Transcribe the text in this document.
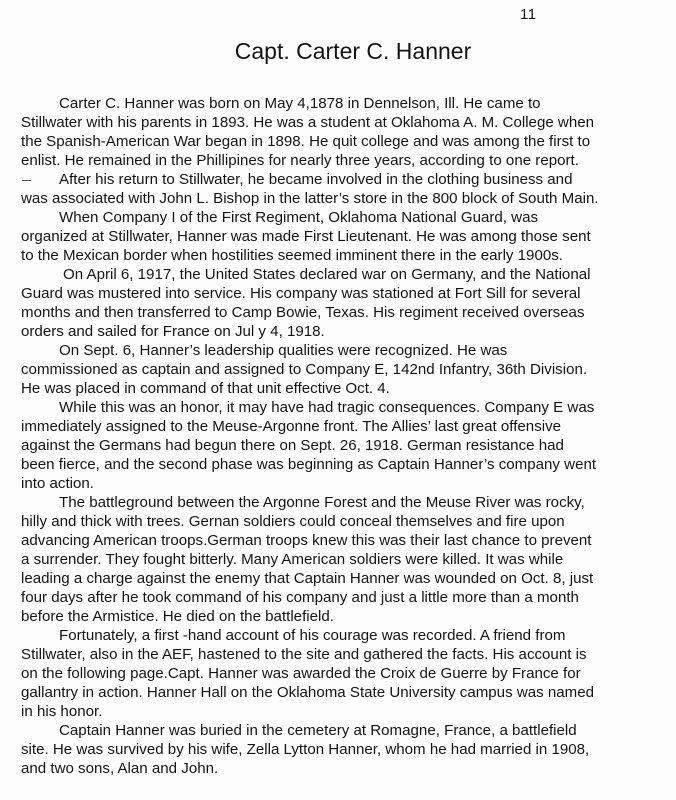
11
Capt. Carter C. Hanner

Carter C. Hanner was born on May 4,1878 in Dennelson, Ill. He came to
Stillwater with his parents in 1893. He was a student at Oklahoma A. M. College when
the Spanish-American War began in 1898. He quit college and was among the first to
enlist. He remained in the Phillipines for nearly three years, according to one report.

After his return to Stillwater, he became involved in the clothing business and
was associated with John L. Bishop in the latter’s store in the 800 block of South Main.

When Company I of the First Regiment, Oklahoma National Guard, was
organized at Stillwater, Hanner was made First Lieutenant. He was among those sent
to the Mexican border when hostilities seemed imminent there in the early 1900s.

On April 6, 1917, the United States declared war on Germany, and the National
Guard was mustered into service. His company was stationed at Fort Sill for several
months and then transferred to Camp Bowie, Texas. His regiment received overseas
orders and sailed for France on Jul y 4, 1918.

On Sept. 6, Hanner’s leadership qualities were recognized. He was
commissioned as captain and assigned to Company E, 142nd Infantry, 36th Division.
He was placed in command of that unit effective Oct. 4.

While this was an honor, it may have had tragic consequences. Company E was
immediately assigned to the Meuse-Argonne front. The Allies’ last great offensive
against the Germans had begun there on Sept. 26, 1918. German resistance had
been fierce, and the second phase was beginning as Captain Hanner’s company went
into action.

The battleground between the Argonne Forest and the Meuse River was rocky,
hilly and thick with trees. Gernan soldiers could conceal themselves and fire upon
advancing American troops.German troops knew this was their last chance to prevent
a surrender. They fought bitterly. Many American soldiers were killed. It was while
leading a charge against the enemy that Captain Hanner was wounded on Oct. 8, just
four days after he took command of his company and just a little more than a month
before the Armistice. He died on the battlefield.

Fortunately, a first -hand account of his courage was recorded. A friend from
Stillwater, also in the AEF, hastened to the site and gathered the facts. His account is
on the following page.Capt. Hanner was awarded the Croix de Guerre by France for
gallantry in action. Hanner Hall on the Oklahoma State University campus was named
in his honor.

Captain Hanner was buried in the cemetery at Romagne, France, a battlefield
site. He was survived by his wife, Zella Lytton Hanner, whom he had married in 1908,
and two sons, Alan and John.
